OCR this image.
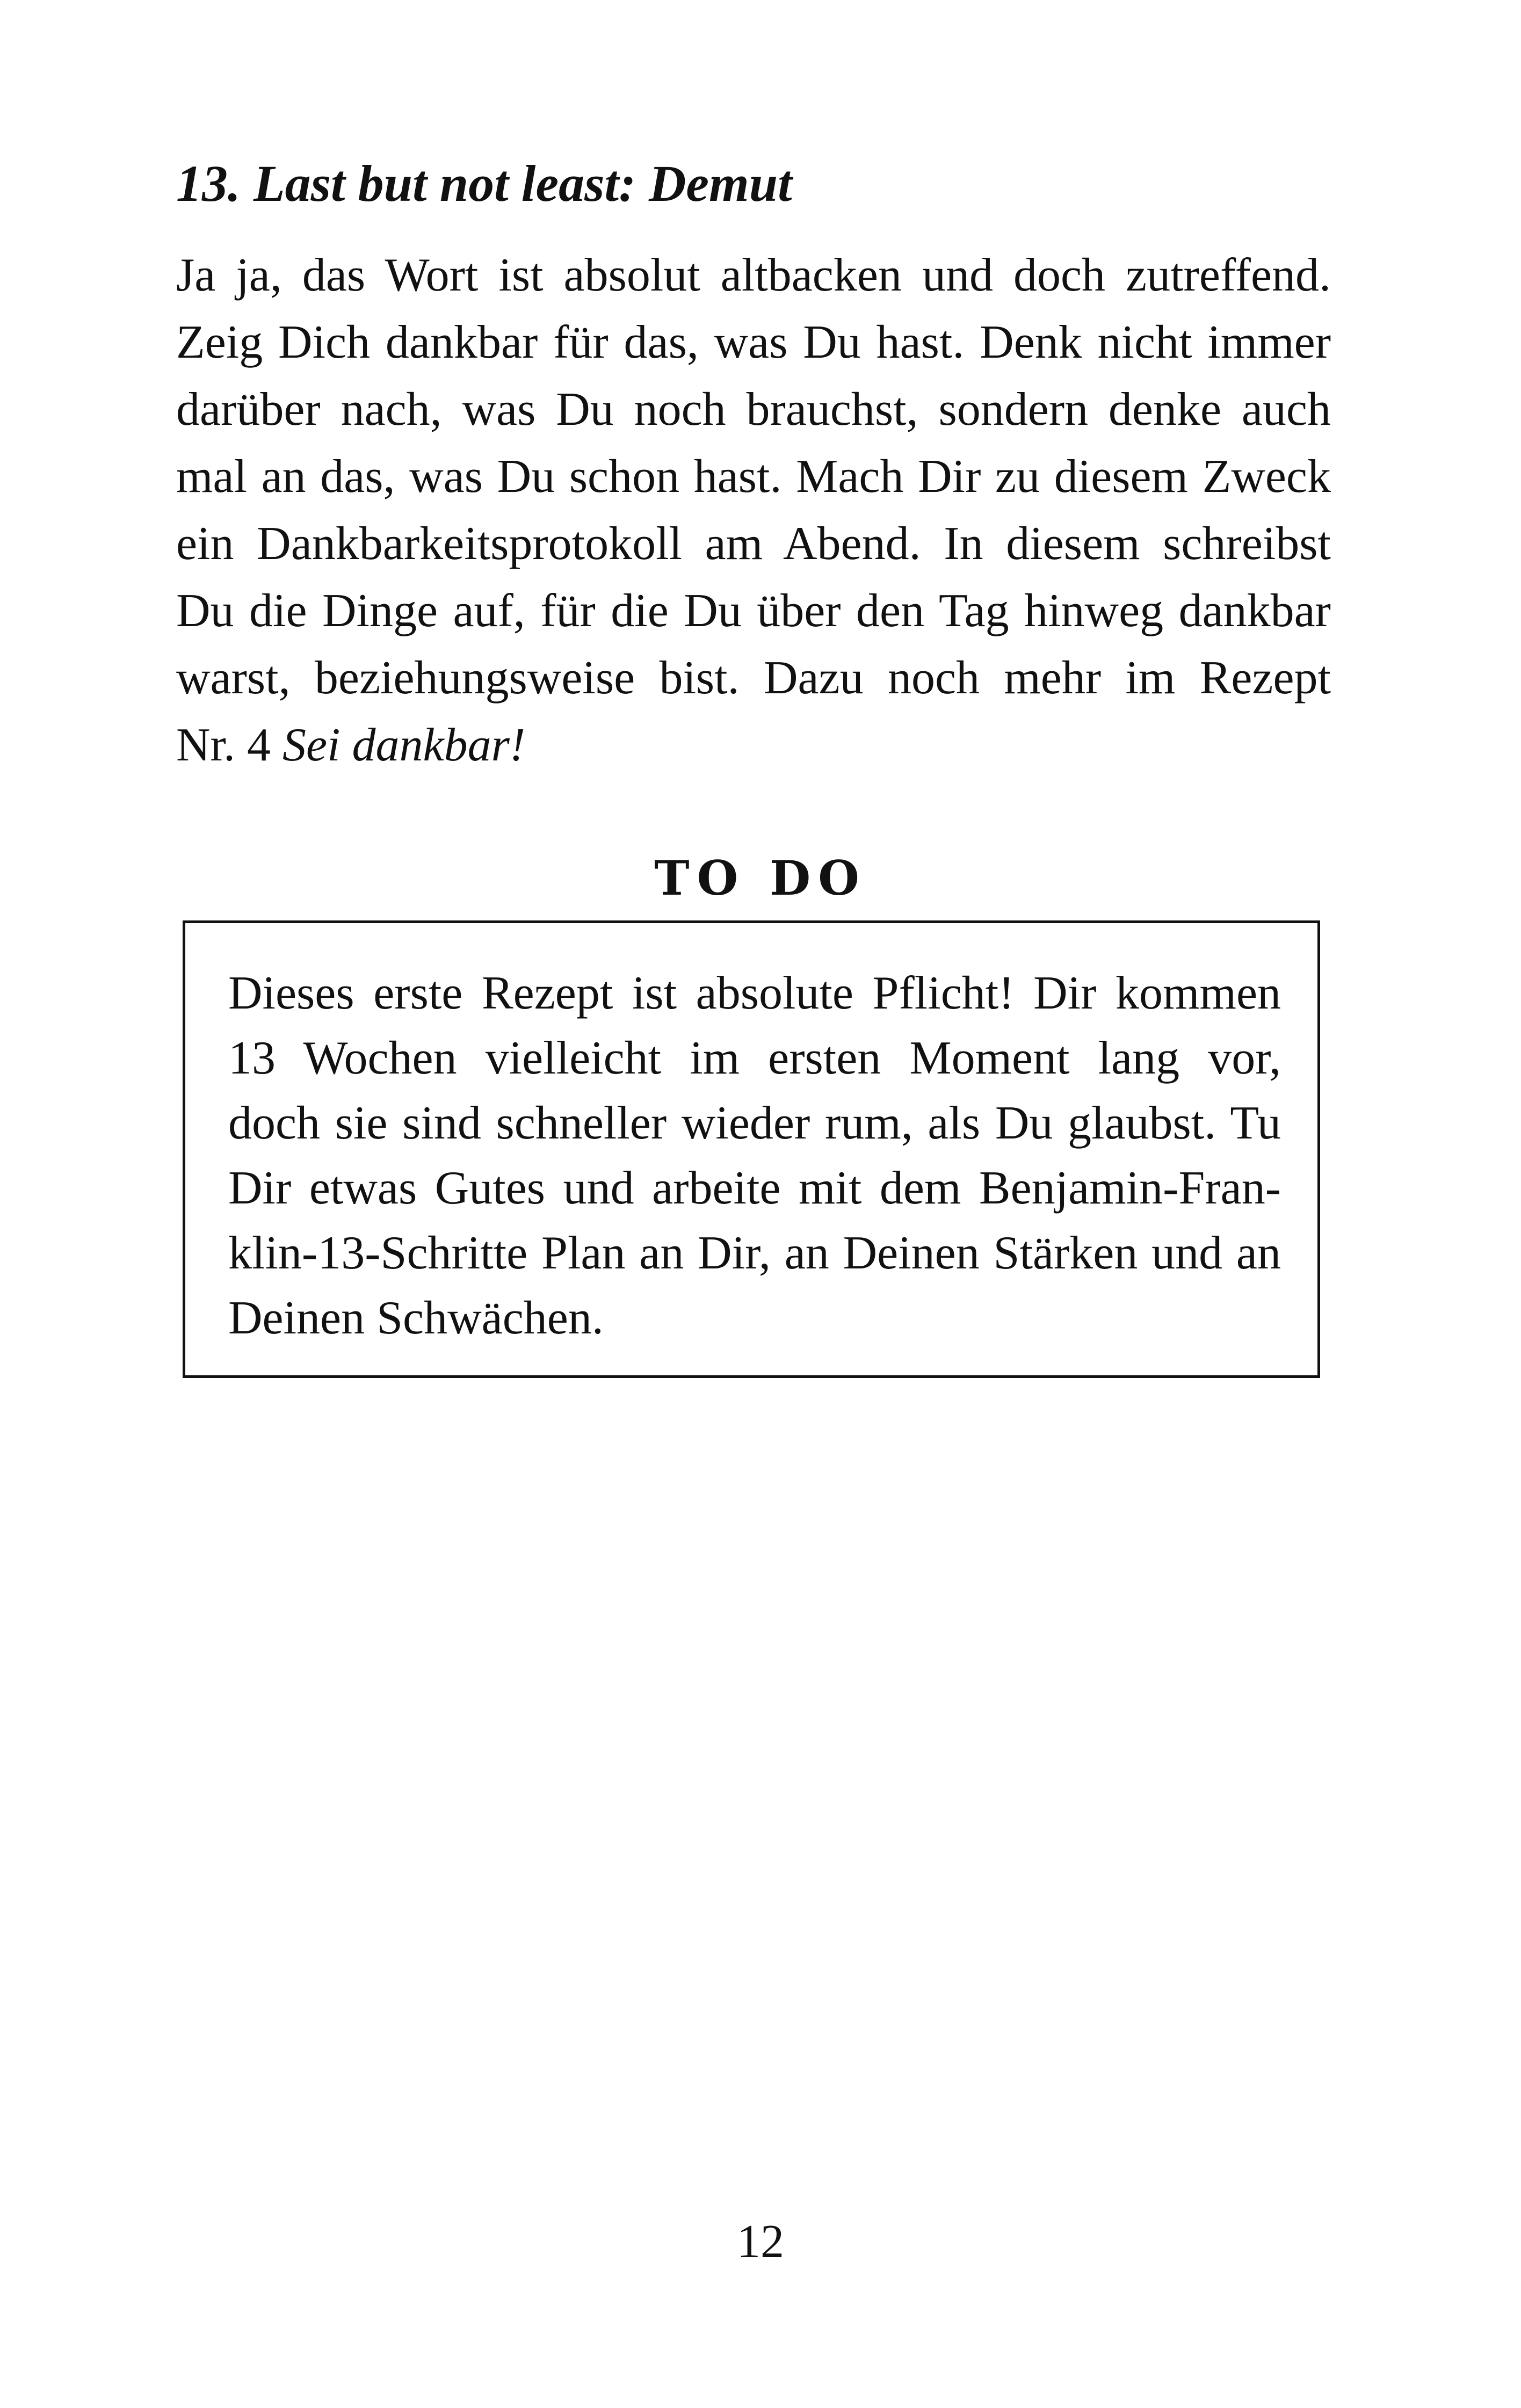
13. Last but not least: Demut
Ja ja, das Wort ist absolut altbacken und doch zutreffend.
Zeig Dich dankbar für das, was Du hast. Denk nicht immer
darüber nach, was Du noch brauchst, sondern denke auch
mal an das, was Du schon hast. Mach Dir zu diesem Zweck
ein Dankbarkeitsprotokoll am Abend. In diesem schreibst
Du die Dinge auf, für die Du über den Tag hinweg dankbar
warst, beziehungsweise bist. Dazu noch mehr im Rezept
Nr. 4 Sei dankbar!

TO DO

Dieses erste Rezept ist absolute Pflicht! Dir kommen
13 Wochen vielleicht im ersten Moment lang vor,
doch sie sind schneller wieder rum, als Du glaubst. Tu
Dir etwas Gutes und arbeite mit dem Benjamin-Fran-
klin-13-Schritte Plan an Dir, an Deinen Stärken und an
Deinen Schwächen.

12
